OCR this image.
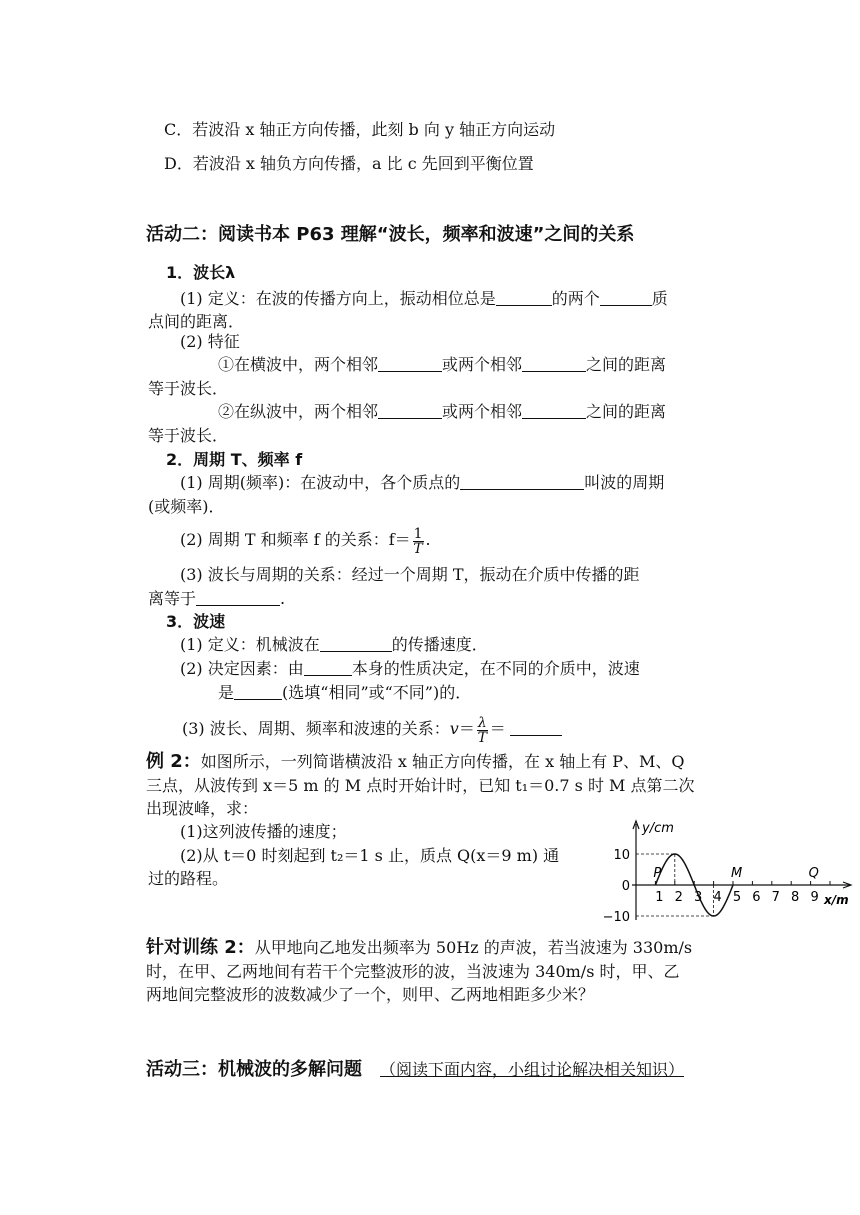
C．若波沿 x 轴正方向传播，此刻 b 向 y 轴正方向运动
D．若波沿 x 轴负方向传播，a 比 c 先回到平衡位置
活动二：阅读书本 P63 理解“波长，频率和波速”之间的关系
1．波长λ
(1) 定义：在波的传播方向上，振动相位总是	的两个	质
点间的距离．
(2) 特征
①在横波中，两个相邻	或两个相邻	之间的距离
等于波长．
②在纵波中，两个相邻	或两个相邻	之间的距离
等于波长．
2．周期 T、频率 f
(1) 周期(频率)：在波动中，各个质点的	叫波的周期
(或频率)．
(2) 周期 T 和频率 f 的关系：$f= \frac{1}{T}$ .
(3) 波长与周期的关系：经过一个周期 T，振动在介质中传播的距
离等于	.
3．波速
(1) 定义：机械波在	的传播速度．
(2) 决定因素：由	本身的性质决定，在不同的介质中，波速
是	(选填“相同”或“不同”)的．
(3) 波长、周期、频率和波速的关系：$v= \frac{\lambda}{T}$ ＝
例 2：如图所示，一列简谐横波沿 x 轴正方向传播，在 x 轴上有 P、M、Q
三点，从波传到 x＝5 m 的 M 点时开始计时，已知 t₁＝0.7 s 时 M 点第二次
出现波峰，求：
(1)这列波传播的速度；
(2)从 t＝0 时刻起到 t₂＝1 s 止，质点 Q(x＝9 m) 通
过的路程。
y/cm
x/m
10
0
−10
1 2 3 4 5 6 7 8 9
P	M	Q
针对训练 2：从甲地向乙地发出频率为 50Hz 的声波，若当波速为 330m/s
时，在甲、乙两地间有若干个完整波形的波，当波速为 340m/s 时，甲、乙
两地间完整波形的波数减少了一个，则甲、乙两地相距多少米？
活动三：机械波的多解问题 （阅读下面内容，小组讨论解决相关知识）
